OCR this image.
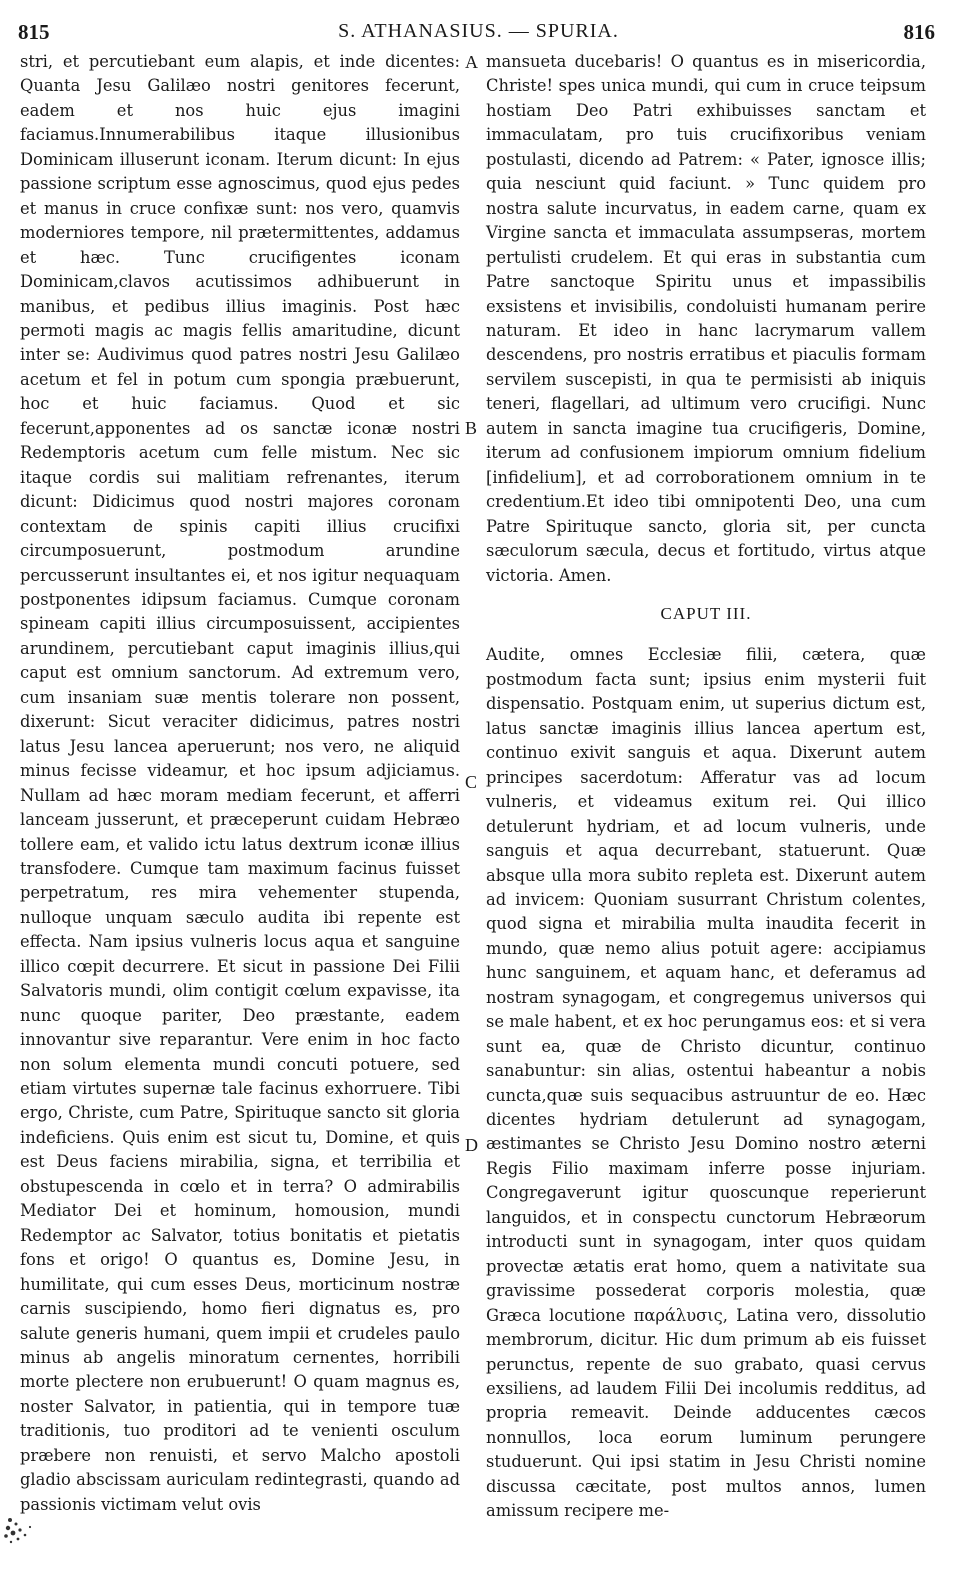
815	S. ATHANASIUS. — SPURIA.	816

stri, et percutiebant eum alapis, et inde dicentes: Quanta Jesu Galilæo nostri genitores fecerunt, eadem et nos huic ejus imagini faciamus.Innumerabilibus itaque illusionibus Dominicam illuserunt iconam. Iterum dicunt: In ejus passione scriptum esse agnoscimus, quod ejus pedes et manus in cruce confixæ sunt: nos vero, quamvis moderniores tempore, nil prætermittentes, addamus et hæc. Tunc crucifigentes iconam Dominicam,clavos acutissimos adhibuerunt in manibus, et pedibus illius imaginis. Post hæc permoti magis ac magis fellis amaritudine, dicunt inter se: Audivimus quod patres nostri Jesu Galilæo acetum et fel in potum cum spongia præbuerunt, hoc et huic faciamus. Quod et sic fecerunt,apponentes ad os sanctæ iconæ nostri Redemptoris acetum cum felle mistum. Nec sic itaque cordis sui malitiam refrenantes, iterum dicunt: Didicimus quod nostri majores coronam contextam de spinis capiti illius crucifixi circumposuerunt, postmodum arundine percusserunt insultantes ei, et nos igitur nequaquam postponentes idipsum faciamus. Cumque coronam spineam capiti illius circumposuissent, accipientes arundinem, percutiebant caput imaginis illius,qui caput est omnium sanctorum. Ad extremum vero, cum insaniam suæ mentis tolerare non possent, dixerunt: Sicut veraciter didicimus, patres nostri latus Jesu lancea aperuerunt; nos vero, ne aliquid minus fecisse videamur, et hoc ipsum adjiciamus. Nullam ad hæc moram mediam fecerunt, et afferri lanceam jusserunt, et præceperunt cuidam Hebræo tollere eam, et valido ictu latus dextrum iconæ illius transfodere. Cumque tam maximum facinus fuisset perpetratum, res mira vehementer stupenda, nulloque unquam sæculo audita ibi repente est effecta. Nam ipsius vulneris locus aqua et sanguine illico cœpit decurrere. Et sicut in passione Dei Filii Salvatoris mundi, olim contigit cœlum expavisse, ita nunc quoque pariter, Deo præstante, eadem innovantur sive reparantur. Vere enim in hoc facto non solum elementa mundi concuti potuere, sed etiam virtutes supernæ tale facinus exhorruere. Tibi ergo, Christe, cum Patre, Spirituque sancto sit gloria indeficiens. Quis enim est sicut tu, Domine, et quis est Deus faciens mirabilia, signa, et terribilia et obstupescenda in cœlo et in terra? O admirabilis Mediator Dei et hominum, homousion, mundi Redemptor ac Salvator, totius bonitatis et pietatis fons et origo! O quantus es, Domine Jesu, in humilitate, qui cum esses Deus, morticinum nostræ carnis suscipiendo, homo fieri dignatus es, pro salute generis humani, quem impii et crudeles paulo minus ab angelis minoratum cernentes, horribili morte plectere non erubuerunt! O quam magnus es, noster Salvator, in patientia, qui in tempore tuæ traditionis, tuo proditori ad te venienti osculum præbere non renuisti, et servo Malcho apostoli gladio abscissam auriculam redintegrasti, quando ad passionis victimam velut ovis

A
B
C
D

mansueta ducebaris! O quantus es in misericordia, Christe! spes unica mundi, qui cum in cruce teipsum hostiam Deo Patri exhibuisses sanctam et immaculatam, pro tuis crucifixoribus veniam postulasti, dicendo ad Patrem: « Pater, ignosce illis; quia nesciunt quid faciunt. » Tunc quidem pro nostra salute incurvatus, in eadem carne, quam ex Virgine sancta et immaculata assumpseras, mortem pertulisti crudelem. Et qui eras in substantia cum Patre sanctoque Spiritu unus et impassibilis exsistens et invisibilis, condoluisti humanam perire naturam. Et ideo in hanc lacrymarum vallem descendens, pro nostris erratibus et piaculis formam servilem suscepisti, in qua te permisisti ab iniquis teneri, flagellari, ad ultimum vero crucifigi. Nunc autem in sancta imagine tua crucifigeris, Domine, iterum ad confusionem impiorum omnium fidelium [infidelium], et ad corroborationem omnium in te credentium.Et ideo tibi omnipotenti Deo, una cum Patre Spirituque sancto, gloria sit, per cuncta sæculorum sæcula, decus et fortitudo, virtus atque victoria. Amen.

CAPUT III.

Audite, omnes Ecclesiæ filii, cætera, quæ postmodum facta sunt; ipsius enim mysterii fuit dispensatio. Postquam enim, ut superius dictum est, latus sanctæ imaginis illius lancea apertum est, continuo exivit sanguis et aqua. Dixerunt autem principes sacerdotum: Afferatur vas ad locum vulneris, et videamus exitum rei. Qui illico detulerunt hydriam, et ad locum vulneris, unde sanguis et aqua decurrebant, statuerunt. Quæ absque ulla mora subito repleta est. Dixerunt autem ad invicem: Quoniam susurrant Christum colentes, quod signa et mirabilia multa inaudita fecerit in mundo, quæ nemo alius potuit agere: accipiamus hunc sanguinem, et aquam hanc, et deferamus ad nostram synagogam, et congregemus universos qui se male habent, et ex hoc perungamus eos: et si vera sunt ea, quæ de Christo dicuntur, continuo sanabuntur: sin alias, ostentui habeantur a nobis cuncta,quæ suis sequacibus astruuntur de eo. Hæc dicentes hydriam detulerunt ad synagogam, æstimantes se Christo Jesu Domino nostro æterni Regis Filio maximam inferre posse injuriam. Congregaverunt igitur quoscunque reperierunt languidos, et in conspectu cunctorum Hebræorum introducti sunt in synagogam, inter quos quidam provectæ ætatis erat homo, quem a nativitate sua gravissime possederat corporis molestia, quæ Græca locutione παράλυσις, Latina vero, dissolutio membrorum, dicitur. Hic dum primum ab eis fuisset perunctus, repente de suo grabato, quasi cervus exsiliens, ad laudem Filii Dei incolumis redditus, ad propria remeavit. Deinde adducentes cæcos nonnullos, loca eorum luminum perungere studuerunt. Qui ipsi statim in Jesu Christi nomine discussa cæcitate, post multos annos, lumen amissum recipere me-
